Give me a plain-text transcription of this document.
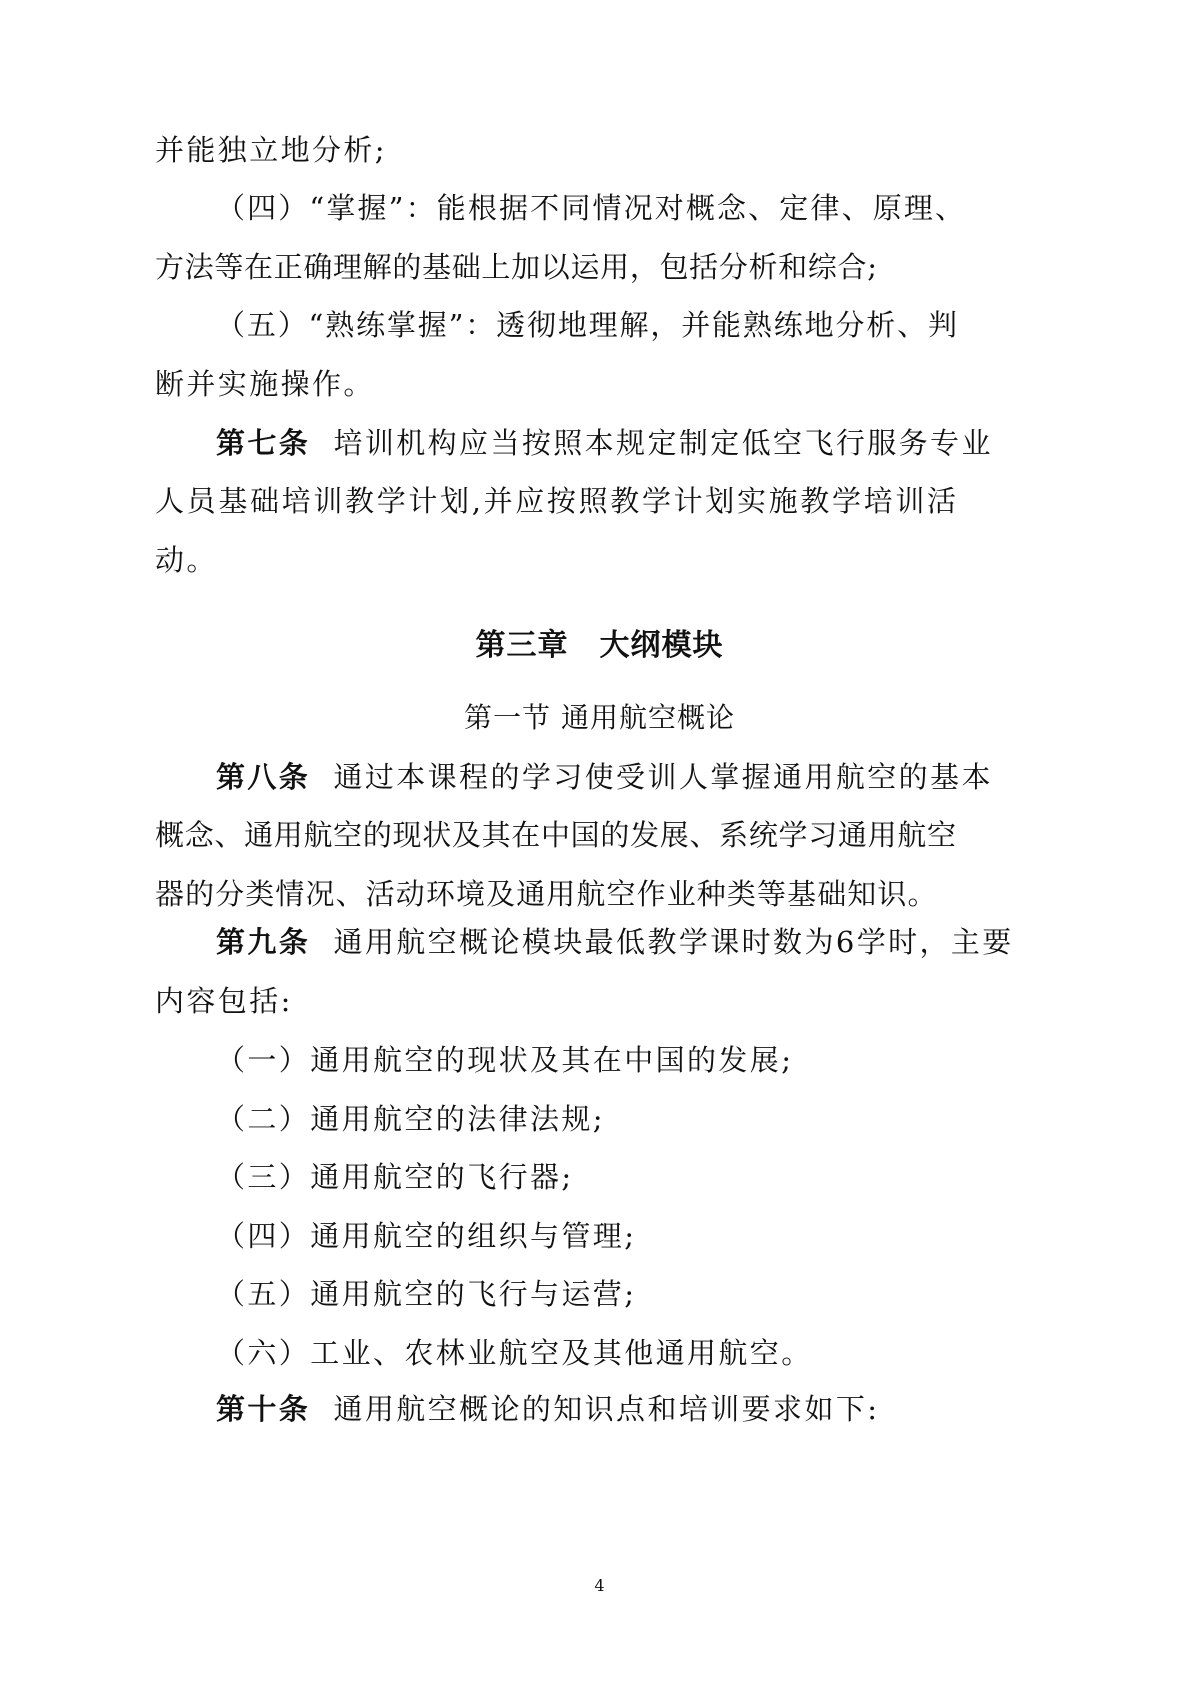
并能独立地分析;
（四）“掌握”：能根据不同情况对概念、定律、原理、
方法等在正确理解的基础上加以运用，包括分析和综合;
（五）“熟练掌握”：透彻地理解，并能熟练地分析、判
断并实施操作。
第七条 培训机构应当按照本规定制定低空飞行服务专业
人员基础培训教学计划,并应按照教学计划实施教学培训活
动。
第三章　大纲模块
第一节 通用航空概论
第八条 通过本课程的学习使受训人掌握通用航空的基本
概念、通用航空的现状及其在中国的发展、系统学习通用航空
器的分类情况、活动环境及通用航空作业种类等基础知识。
第九条 通用航空概论模块最低教学课时数为6学时，主要
内容包括:
（一）通用航空的现状及其在中国的发展;
（二）通用航空的法律法规;
（三）通用航空的飞行器;
（四）通用航空的组织与管理;
（五）通用航空的飞行与运营;
（六）工业、农林业航空及其他通用航空。
第十条 通用航空概论的知识点和培训要求如下:
4
